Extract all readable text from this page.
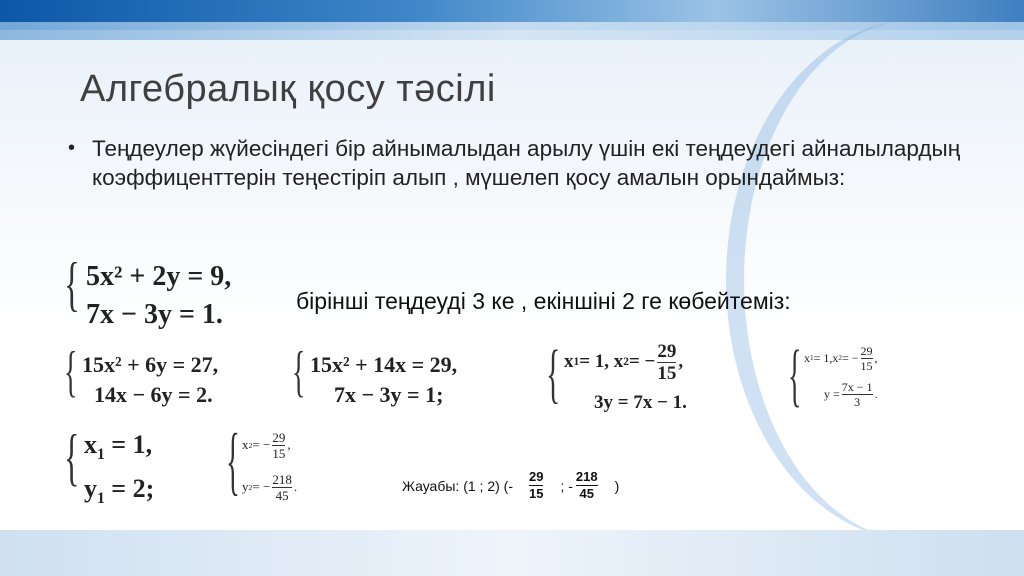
Алгебралық қосу тәсілі
• Теңдеулер жүйесіндегі бір айнымалыдан арылу үшін екі теңдеудегі айналылардың коэффиценттерін теңестіріп алып , мүшелеп қосу амалын орындаймыз:
{ 5x² + 2y = 9,
7x − 3y = 1.	бірінші теңдеуді 3 ке , екіншіні 2 ге көбейтеміз:
{ 15x² + 6y = 27,
14x − 6y = 2. { 15x² + 14x = 29,
7x − 3y = 1; { x 1 = 1, x 2 = − 29
15
,
3y = 7x − 1. { x 1 = 1,x 2 = − 29
15
,
y = 7x − 1
3
.
{ $x_1 = 1$,
$y_1 = 2$; { x 2 = − 29
15
,
y 2 = − 218
45
.	Жауабы: (1 ; 2) (- $\frac{29}{15}$ ; - $\frac{218}{45}$ )
